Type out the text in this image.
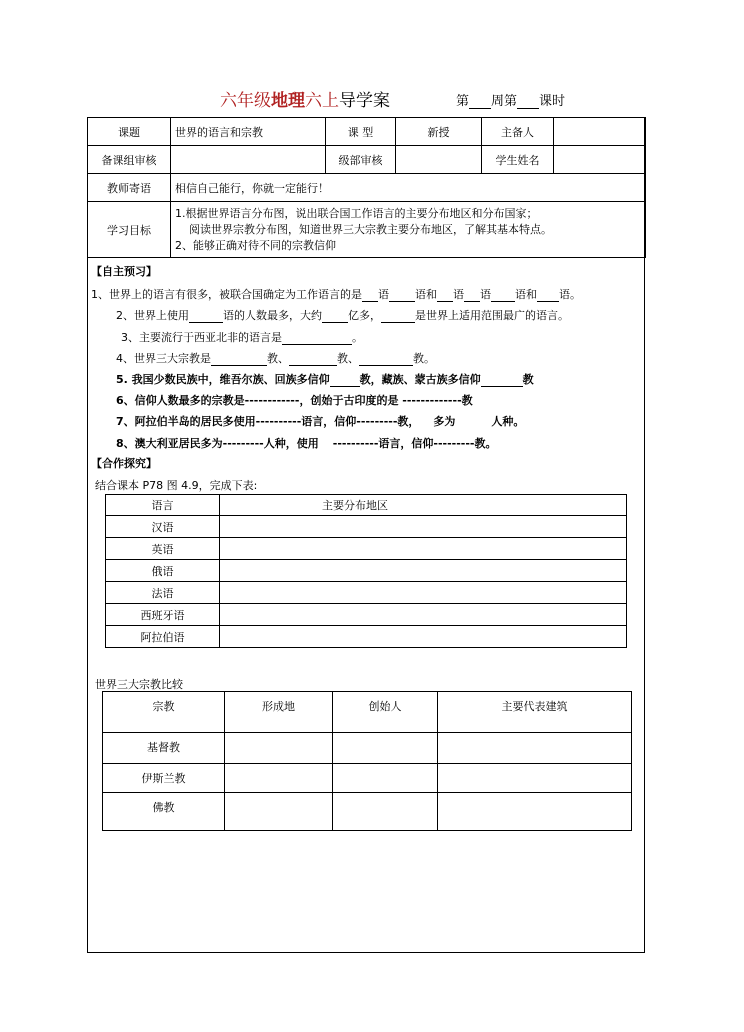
六年级地理六上导学案	第 周第 课时
课题	世界的语言和宗教	课 型	新授	主备人	
备课组审核		级部审核		学生姓名	
教师寄语	相信自己能行，你就一定能行！				
学习目标	1.根据世界语言分布图，说出联合国工作语言的主要分布地区和分布国家；
阅读世界宗教分布图，知道世界三大宗教主要分布地区，了解其基本特点。
2、能够正确对待不同的宗教信仰				
【自主预习】
1、世界上的语言有很多，被联合国确定为工作语言的是 语 语和 语 语 语和 语。
2、世界上使用	语的人数最多，大约 亿多，	是世界上适用范围最广的语言。
3、主要流行于西亚北非的语言是	。
4、世界三大宗教是	教、	教、	教。
5. 我国少数民族中，维吾尔族、回族多信仰	教，藏族、蒙古族多信仰	教
6、信仰人数最多的宗教是------------，创始于古印度的是 -------------教
7、阿拉伯半岛的居民多使用----------语言，信仰---------教， 多为	人种。
8、澳大利亚居民多为---------人种，使用 ----------语言，信仰---------教。
【合作探究】
结合课本 P78 图 4.9，完成下表:
语言	主要分布地区
汉语	
英语	
俄语	
法语	
西班牙语	
阿拉伯语	
世界三大宗教比较
宗教	形成地	创始人	主要代表建筑
基督教			
伊斯兰教			
佛教			
